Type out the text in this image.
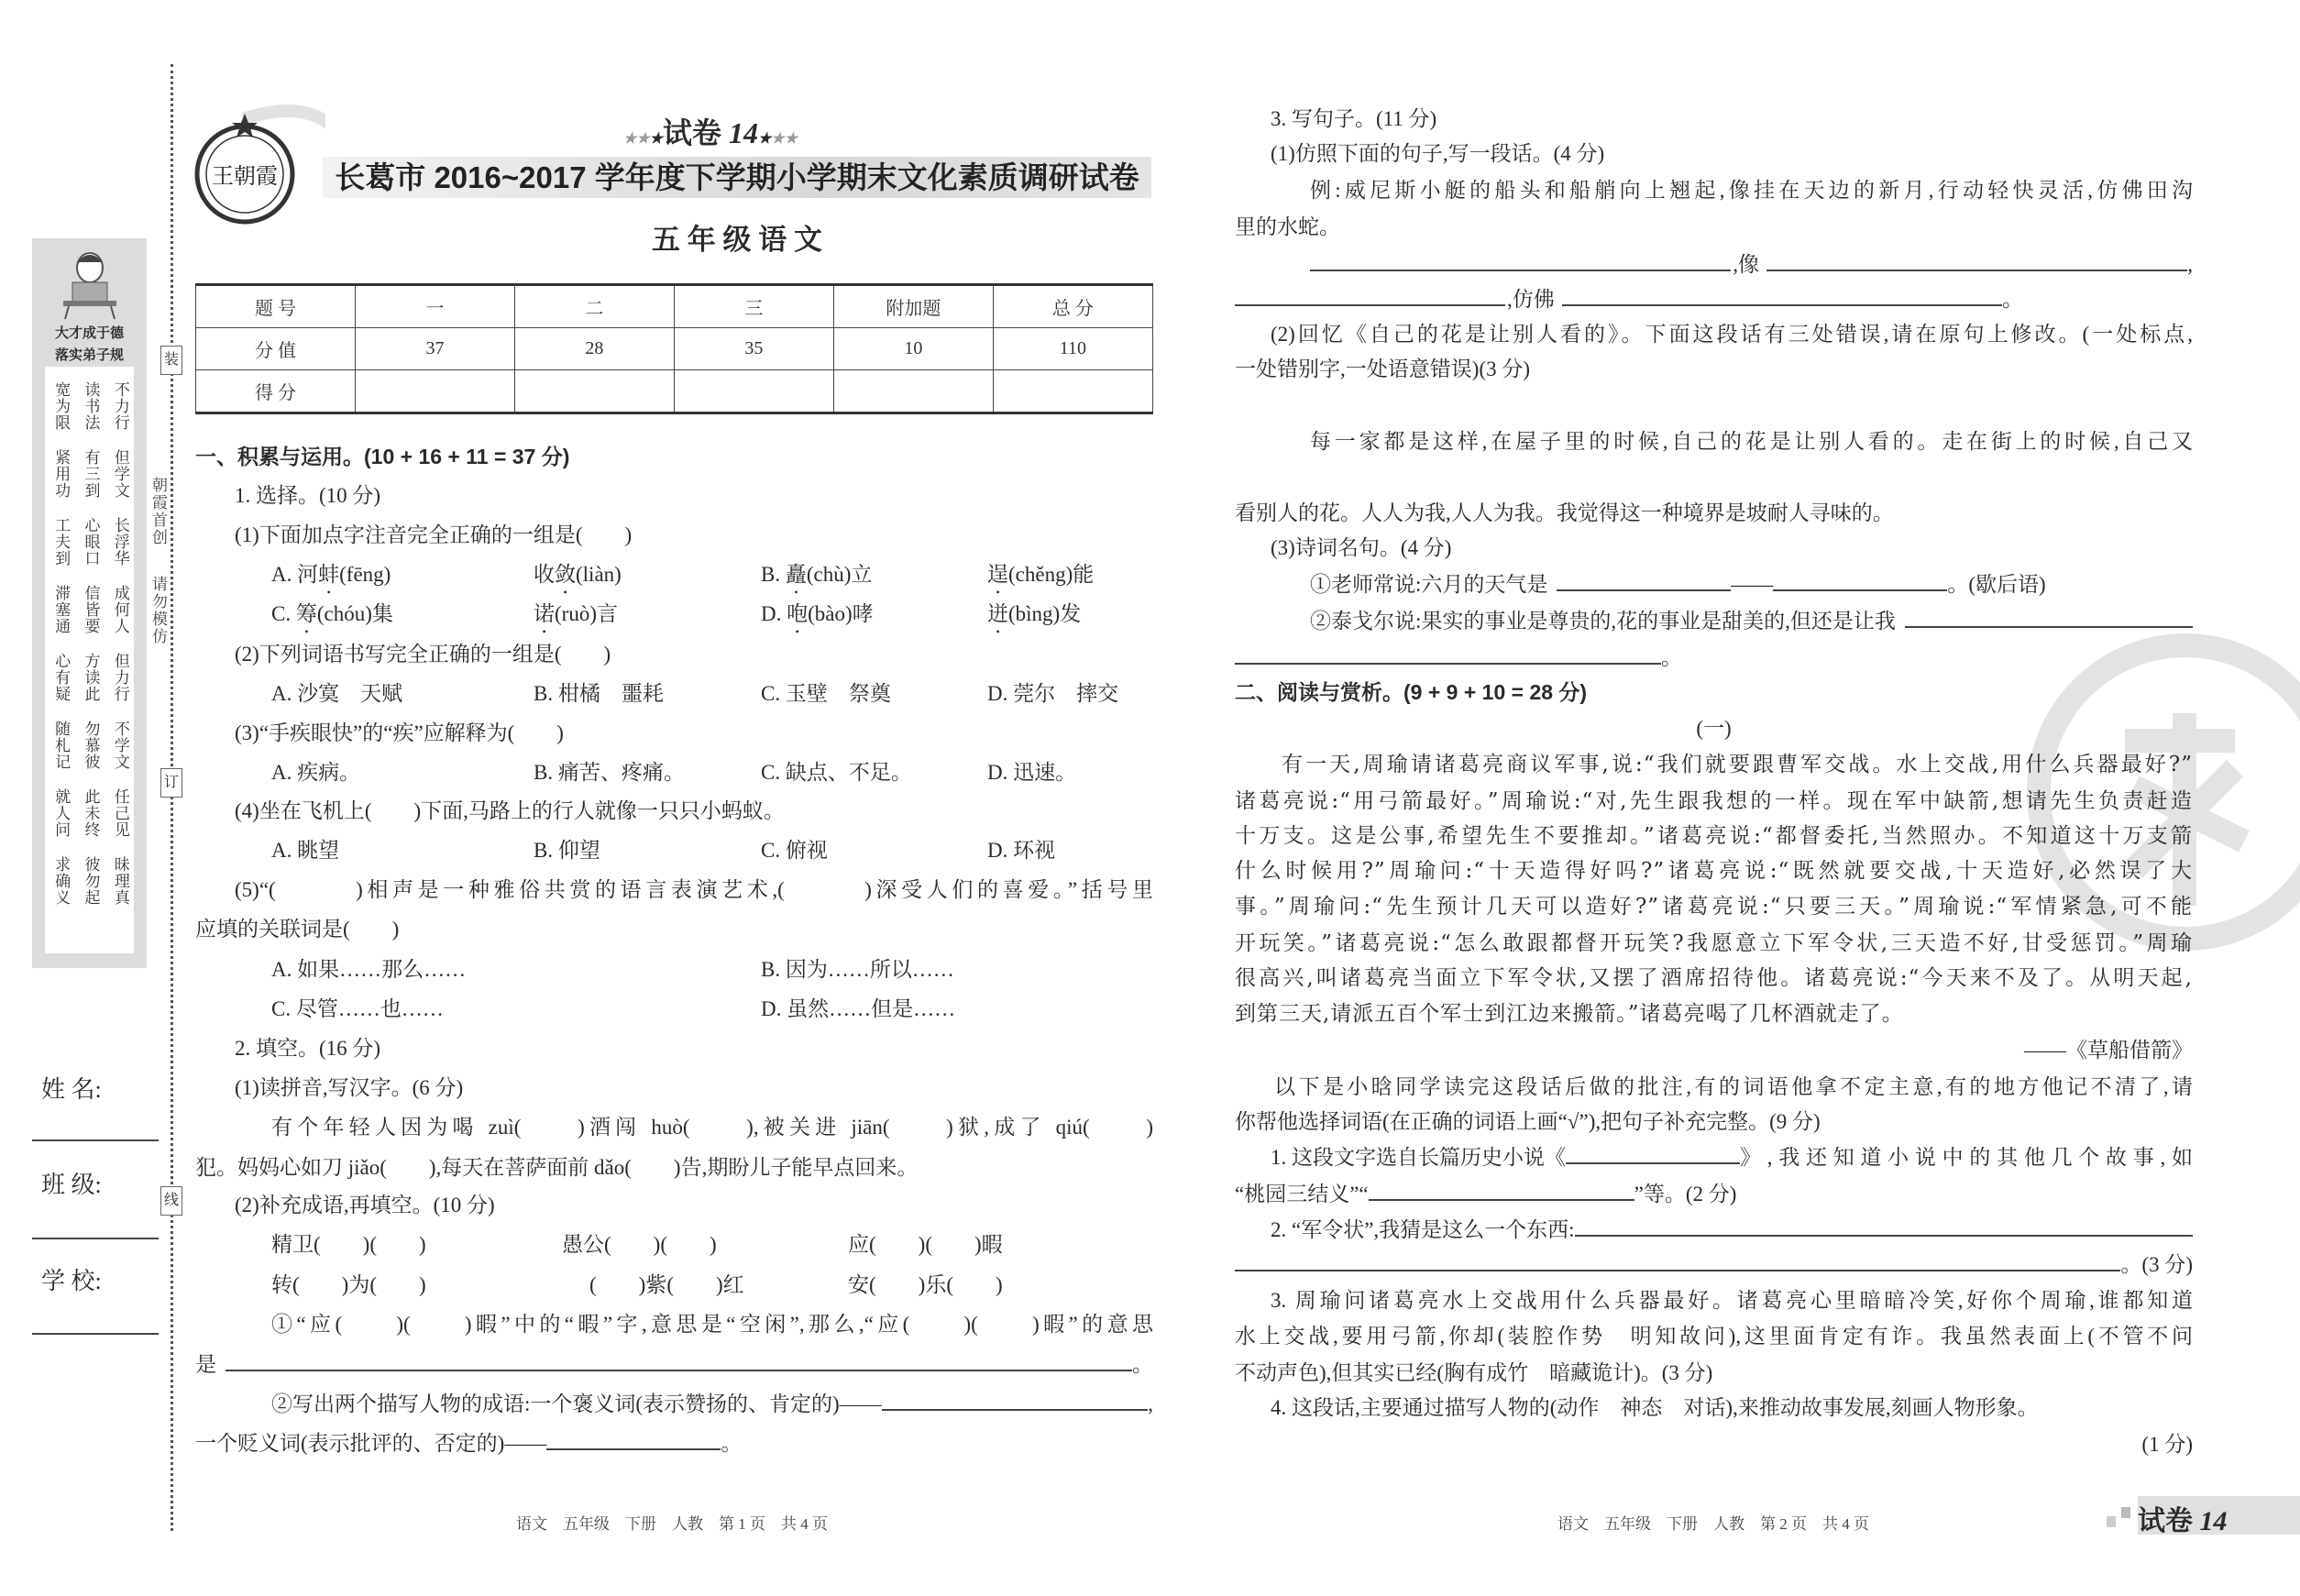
装
订
线
朝霞首创
请勿模仿
大才成于德
落实弟子规
宽为限 读书法 不力行
紧用功 有三到 但学文
工夫到 心眼口 长浮华
滞塞通 信皆要 成何人
心有疑 方读此 但力行
随札记 勿慕彼 不学文
就人问 此未终 任己见
求确义 彼勿起 昧理真
姓 名:
班 级:
学 校:
王朝霞
★★★试卷 14★★★
长葛市 2016~2017 学年度下学期小学期末文化素质调研试卷
五 年 级 语 文
题 号	一	二	三	附加题	总 分
分 值	37	28	35	10	110
得 分					
一、积累与运用。(10 + 16 + 11 = 37 分)
1. 选择。(10 分)
(1)下面加点字注音完全正确的一组是(　　)
A. 河蚌(fēng)	收敛(liàn)	B. 矗(chù)立	逞(chěng)能
C. 筹(chóu)集	诺(ruò)言	D. 咆(bào)哮	迸(bìng)发
(2)下列词语书写完全正确的一组是(　　)
A. 沙寞　天赋	B. 柑橘　噩耗	C. 玉壁　祭奠	D. 莞尔　摔交
(3)“手疾眼快”的“疾”应解释为(　　)
A. 疾病。	B. 痛苦、疼痛。	C. 缺点、不足。	D. 迅速。
(4)坐在飞机上(　　)下面,马路上的行人就像一只只小蚂蚁。
A. 眺望	B. 仰望	C. 俯视	D. 环视
(5)“(　　　)相声是一种雅俗共赏的语言表演艺术,(　　　)深受人们的喜爱。”括号里
应填的关联词是(　　)
A. 如果……那么……	B. 因为……所以……
C. 尽管……也……	D. 虽然……但是……
2. 填空。(16 分)
(1)读拼音,写汉字。(6 分)
有个年轻人因为喝 zuì(　　)酒闯 huò(　　),被关进 jiān(　　)狱,成了 qiú(　　)
犯。妈妈心如刀 jiǎo(　　),每天在菩萨面前 dǎo(　　)告,期盼儿子能早点回来。
(2)补充成语,再填空。(10 分)
精卫(　　)(　　)	愚公(　　)(　　)	应(　　)(　　)暇
转(　　)为(　　)	(　　)紫(　　)红	安(　　)乐(　　)
①“应(　　)(　　)暇”中的“暇”字,意思是“空闲”,那么,“应(　　)(　　)暇”的意思
是	。
②写出两个描写人物的成语:一个褒义词(表示赞扬的、肯定的)——	,
一个贬义词(表示批评的、否定的)——	。
语文　五年级　下册　人教　第 1 页　共 4 页
3. 写句子。(11 分)
(1)仿照下面的句子,写一段话。(4 分)
例:威尼斯小艇的船头和船艄向上翘起,像挂在天边的新月,行动轻快灵活,仿佛田沟
里的水蛇。
,像	,
,仿佛	。
(2)回忆《自己的花是让别人看的》。下面这段话有三处错误,请在原句上修改。(一处标点,
一处错别字,一处语意错误)(3 分)
每一家都是这样,在屋子里的时候,自己的花是让别人看的。走在街上的时候,自己又
看别人的花。人人为我,人人为我。我觉得这一种境界是坡耐人寻味的。
(3)诗词名句。(4 分)
①老师常说:六月的天气是	——	。(歇后语)
②泰戈尔说:果实的事业是尊贵的,花的事业是甜美的,但还是让我
。
二、阅读与赏析。(9 + 9 + 10 = 28 分)
(一)
有一天,周瑜请诸葛亮商议军事,说:“我们就要跟曹军交战。水上交战,用什么兵器最好?”
诸葛亮说:“用弓箭最好。”周瑜说:“对,先生跟我想的一样。现在军中缺箭,想请先生负责赶造
十万支。这是公事,希望先生不要推却。”诸葛亮说:“都督委托,当然照办。不知道这十万支箭
什么时候用?”周瑜问:“十天造得好吗?”诸葛亮说:“既然就要交战,十天造好,必然误了大
事。”周瑜问:“先生预计几天可以造好?”诸葛亮说:“只要三天。”周瑜说:“军情紧急,可不能
开玩笑。”诸葛亮说:“怎么敢跟都督开玩笑?我愿意立下军令状,三天造不好,甘受惩罚。”周瑜
很高兴,叫诸葛亮当面立下军令状,又摆了酒席招待他。诸葛亮说:“今天来不及了。从明天起,
到第三天,请派五百个军士到江边来搬箭。”诸葛亮喝了几杯酒就走了。
——《草船借箭》
以下是小晗同学读完这段话后做的批注,有的词语他拿不定主意,有的地方他记不清了,请
你帮他选择词语(在正确的词语上画“√”),把句子补充完整。(9 分)
1. 这段文字选自长篇历史小说《	》,我还知道小说中的其他几个故事,如
“桃园三结义”“	”等。(2 分)
2. “军令状”,我猜是这么一个东西:
。(3 分)
3. 周瑜问诸葛亮水上交战用什么兵器最好。诸葛亮心里暗暗冷笑,好你个周瑜,谁都知道
水上交战,要用弓箭,你却(装腔作势　明知故问),这里面肯定有诈。我虽然表面上(不管不问
不动声色),但其实已经(胸有成竹　暗藏诡计)。(3 分)
4. 这段话,主要通过描写人物的(动作　神态　对话),来推动故事发展,刻画人物形象。
(1 分)
语文　五年级　下册　人教　第 2 页　共 4 页	试卷 14
